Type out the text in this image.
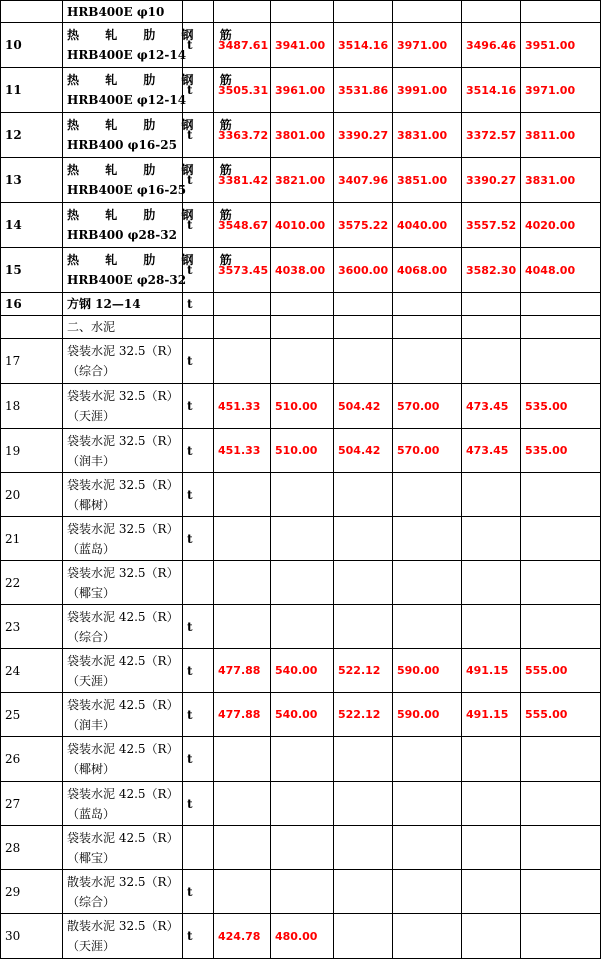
	HRB400E φ10								

10	热 轧 肋 钢 筋
HRB400E φ12-14	t	3487.61	3941.00	3514.16	3971.00	3496.46	3951.00	
11	热 轧 肋 钢 筋
HRB400E φ12-14	t	3505.31	3961.00	3531.86	3991.00	3514.16	3971.00	
12	热 轧 肋 钢 筋
HRB400 φ16-25	t	3363.72	3801.00	3390.27	3831.00	3372.57	3811.00	
13	热 轧 肋 钢 筋
HRB400E φ16-25	t	3381.42	3821.00	3407.96	3851.00	3390.27	3831.00	
14	热 轧 肋 钢 筋
HRB400 φ28-32	t	3548.67	4010.00	3575.22	4040.00	3557.52	4020.00	
15	热 轧 肋 钢 筋
HRB400E φ28-32	t	3573.45	4038.00	3600.00	4068.00	3582.30	4048.00	
16	方钢 12—14	t							

	二、水泥								

17	袋装水泥 32.5（R）
（综合）	t							
18	袋装水泥 32.5（R）
（天涯）	t	451.33	510.00	504.42	570.00	473.45	535.00	
19	袋装水泥 32.5（R）
（润丰）	t	451.33	510.00	504.42	570.00	473.45	535.00	
20	袋装水泥 32.5（R）
（椰树）	t							
21	袋装水泥 32.5（R）
（蓝岛）	t							
22	袋装水泥 32.5（R）
（椰宝）								

23	袋装水泥 42.5（R）
（综合）	t							
24	袋装水泥 42.5（R）
（天涯）	t	477.88	540.00	522.12	590.00	491.15	555.00	
25	袋装水泥 42.5（R）
（润丰）	t	477.88	540.00	522.12	590.00	491.15	555.00	
26	袋装水泥 42.5（R）
（椰树）	t							
27	袋装水泥 42.5（R）
（蓝岛）	t							
28	袋装水泥 42.5（R）
（椰宝）								

29	散装水泥 32.5（R）
（综合）	t							
30	散装水泥 32.5（R）
（天涯）	t	424.78	480.00					
